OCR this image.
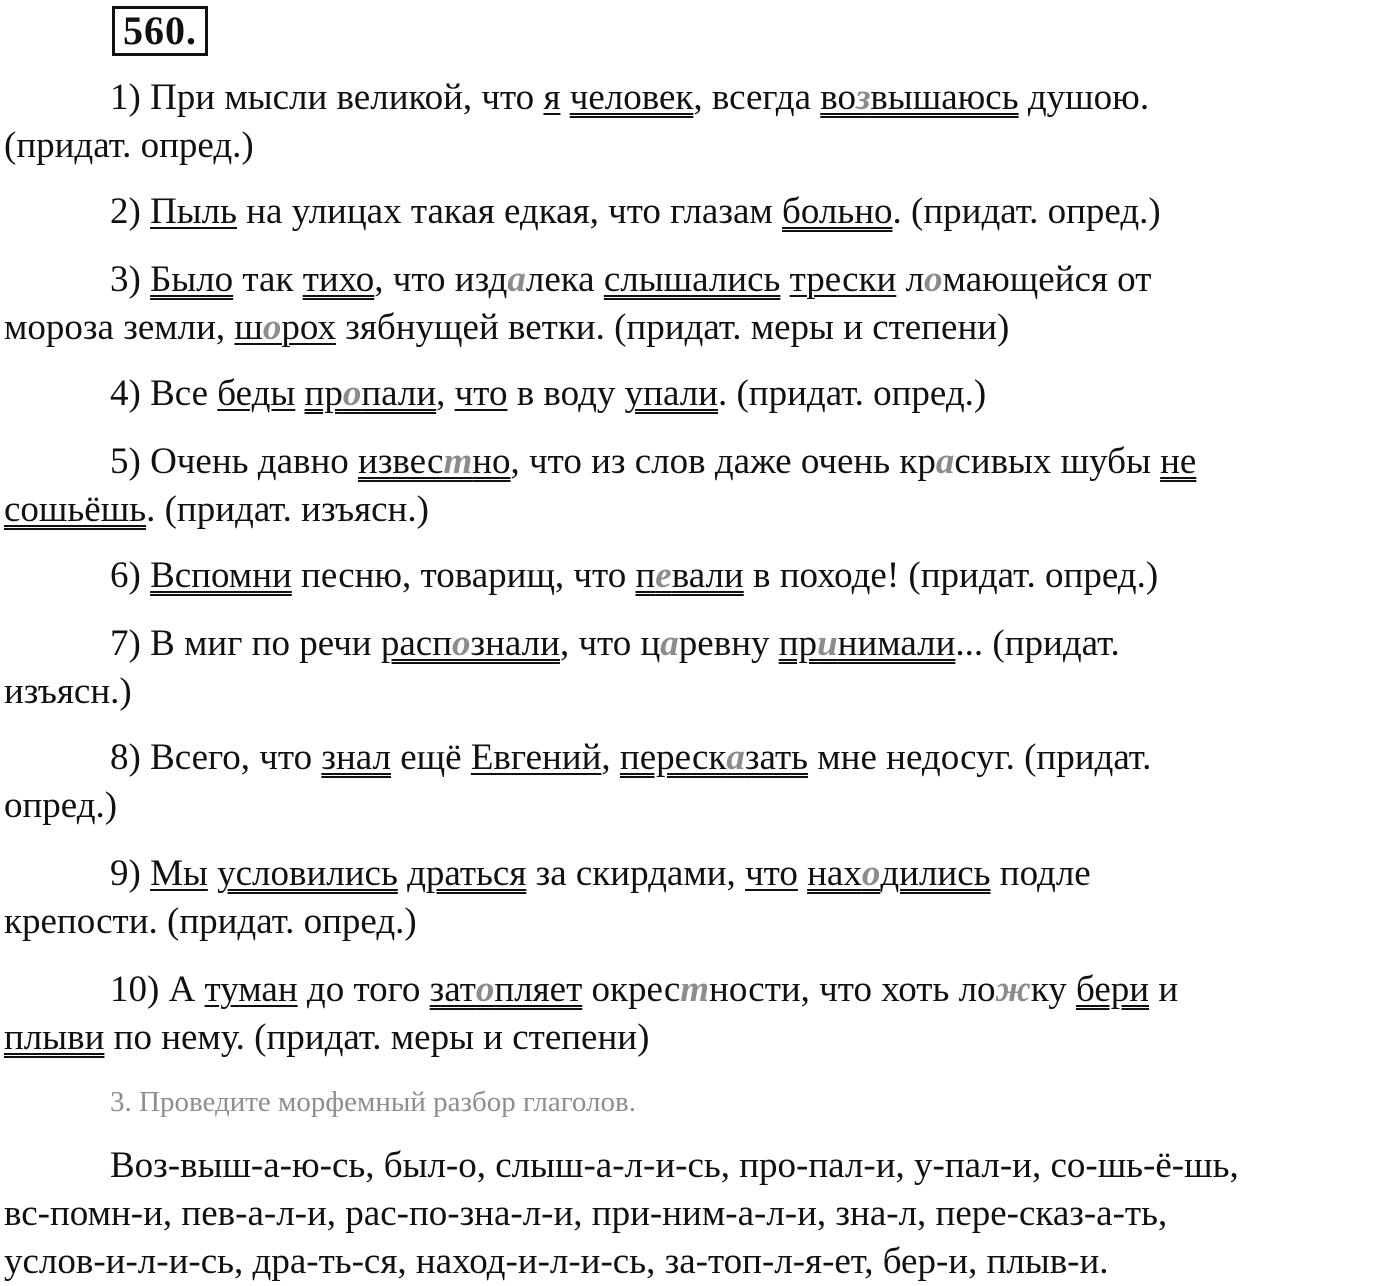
560.
1) При мысли великой, что я человек, всегда возвышаюсь душою.
(придат. опред.)
2) Пыль на улицах такая едкая, что глазам больно. (придат. опред.)
3) Было так тихо, что издалека слышались трески ломающейся от
мороза земли, шорох зябнущей ветки. (придат. меры и степени)
4) Все беды пропали, что в воду упали. (придат. опред.)
5) Очень давно известно, что из слов даже очень красивых шубы не
сошьёшь. (придат. изъясн.)
6) Вспомни песню, товарищ, что певали в походе! (придат. опред.)
7) В миг по речи распознали, что царевну принимали... (придат.
изъясн.)
8) Всего, что знал ещё Евгений, пересказать мне недосуг. (придат.
опред.)
9) Мы условились драться за скирдами, что находились подле
крепости. (придат. опред.)
10) А туман до того затопляет окрестности, что хоть ложку бери и
плыви по нему. (придат. меры и степени)
3. Проведите морфемный разбор глаголов.
Воз-выш-а-ю-сь, был-о, слыш-а-л-и-сь, про-пал-и, у-пал-и, со-шь-ё-шь,
вс-помн-и, пев-а-л-и, рас-по-зна-л-и, при-ним-а-л-и, зна-л, пере-сказ-а-ть,
услов-и-л-и-сь, дра-ть-ся, наход-и-л-и-сь, за-топ-л-я-ет, бер-и, плыв-и.
